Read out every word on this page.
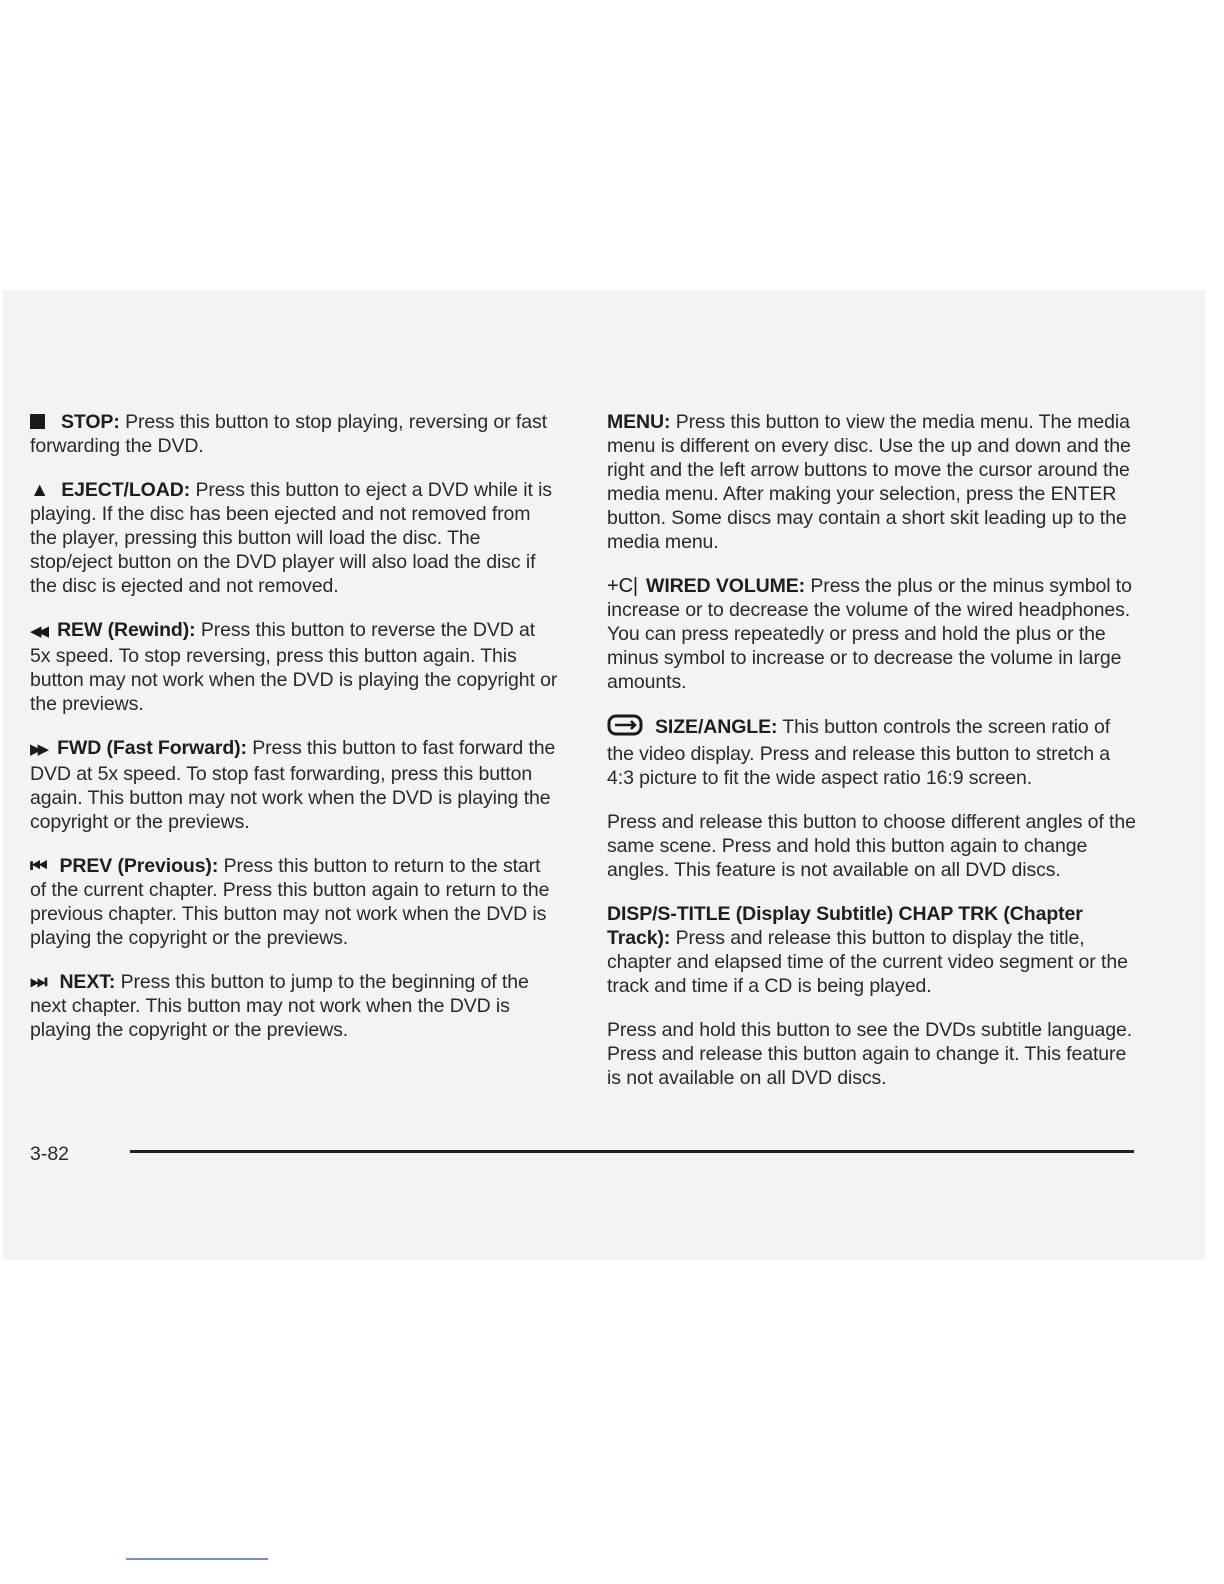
STOP: Press this button to stop playing, reversing or fast forwarding the DVD.

▲ EJECT/LOAD: Press this button to eject a DVD while it is playing. If the disc has been ejected and not removed from the player, pressing this button will load the disc. The stop/eject button on the DVD player will also load the disc if the disc is ejected and not removed.

◀◀ REW (Rewind): Press this button to reverse the DVD at 5x speed. To stop reversing, press this button again. This button may not work when the DVD is playing the copyright or the previews.

▶▶ FWD (Fast Forward): Press this button to fast forward the DVD at 5x speed. To stop fast forwarding, press this button again. This button may not work when the DVD is playing the copyright or the previews.

⏮ PREV (Previous): Press this button to return to the start of the current chapter. Press this button again to return to the previous chapter. This button may not work when the DVD is playing the copyright or the previews.

⏭ NEXT: Press this button to jump to the beginning of the next chapter. This button may not work when the DVD is playing the copyright or the previews.

MENU: Press this button to view the media menu. The media menu is different on every disc. Use the up and down and the right and the left arrow buttons to move the cursor around the media menu. After making your selection, press the ENTER button. Some discs may contain a short skit leading up to the media menu.

+C| WIRED VOLUME: Press the plus or the minus symbol to increase or to decrease the volume of the wired headphones. You can press repeatedly or press and hold the plus or the minus symbol to increase or to decrease the volume in large amounts.

SIZE/ANGLE: This button controls the screen ratio of the video display. Press and release this button to stretch a 4:3 picture to fit the wide aspect ratio 16:9 screen.

Press and release this button to choose different angles of the same scene. Press and hold this button again to change angles. This feature is not available on all DVD discs.

DISP/S-TITLE (Display Subtitle) CHAP TRK (Chapter Track): Press and release this button to display the title, chapter and elapsed time of the current video segment or the track and time if a CD is being played.

Press and hold this button to see the DVDs subtitle language. Press and release this button again to change it. This feature is not available on all DVD discs.

3-82
